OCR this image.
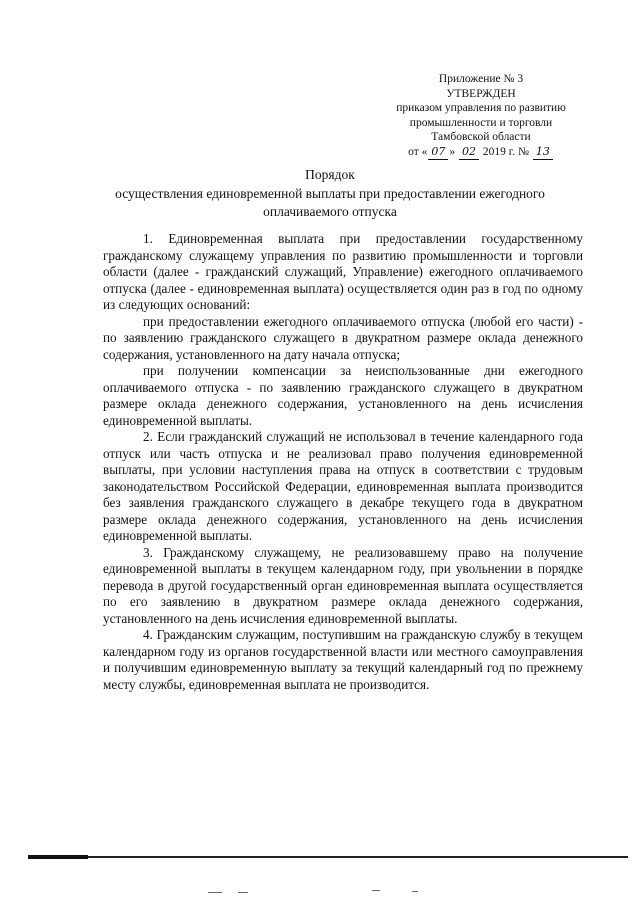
Приложение № 3
УТВЕРЖДЕН
приказом управления по развитию
промышленности и торговли
Тамбовской области
от « 07 » 02 2019 г. № 13
Порядок
осуществления единовременной выплаты при предоставлении ежегодного
оплачиваемого отпуска

1. Единовременная выплата при предоставлении государственному гражданскому служащему управления по развитию промышленности и торговли области (далее - гражданский служащий, Управление) ежегодного оплачиваемого отпуска (далее - единовременная выплата) осуществляется один раз в год по одному из следующих оснований:

при предоставлении ежегодного оплачиваемого отпуска (любой его части) - по заявлению гражданского служащего в двукратном размере оклада денежного содержания, установленного на дату начала отпуска;

при получении компенсации за неиспользованные дни ежегодного оплачиваемого отпуска - по заявлению гражданского служащего в двукратном размере оклада денежного содержания, установленного на день исчисления единовременной выплаты.

2. Если гражданский служащий не использовал в течение календарного года отпуск или часть отпуска и не реализовал право получения единовременной выплаты, при условии наступления права на отпуск в соответствии с трудовым законодательством Российской Федерации, единовременная выплата производится без заявления гражданского служащего в декабре текущего года в двукратном размере оклада денежного содержания, установленного на день исчисления единовременной выплаты.

3. Гражданскому служащему, не реализовавшему право на получение единовременной выплаты в текущем календарном году, при увольнении в порядке перевода в другой государственный орган единовременная выплата осуществляется по его заявлению в двукратном размере оклада денежного содержания, установленного на день исчисления единовременной выплаты.

4. Гражданским служащим, поступившим на гражданскую службу в текущем календарном году из органов государственной власти или местного самоуправления и получившим единовременную выплату за текущий календарный год по прежнему месту службы, единовременная выплата не производится.
